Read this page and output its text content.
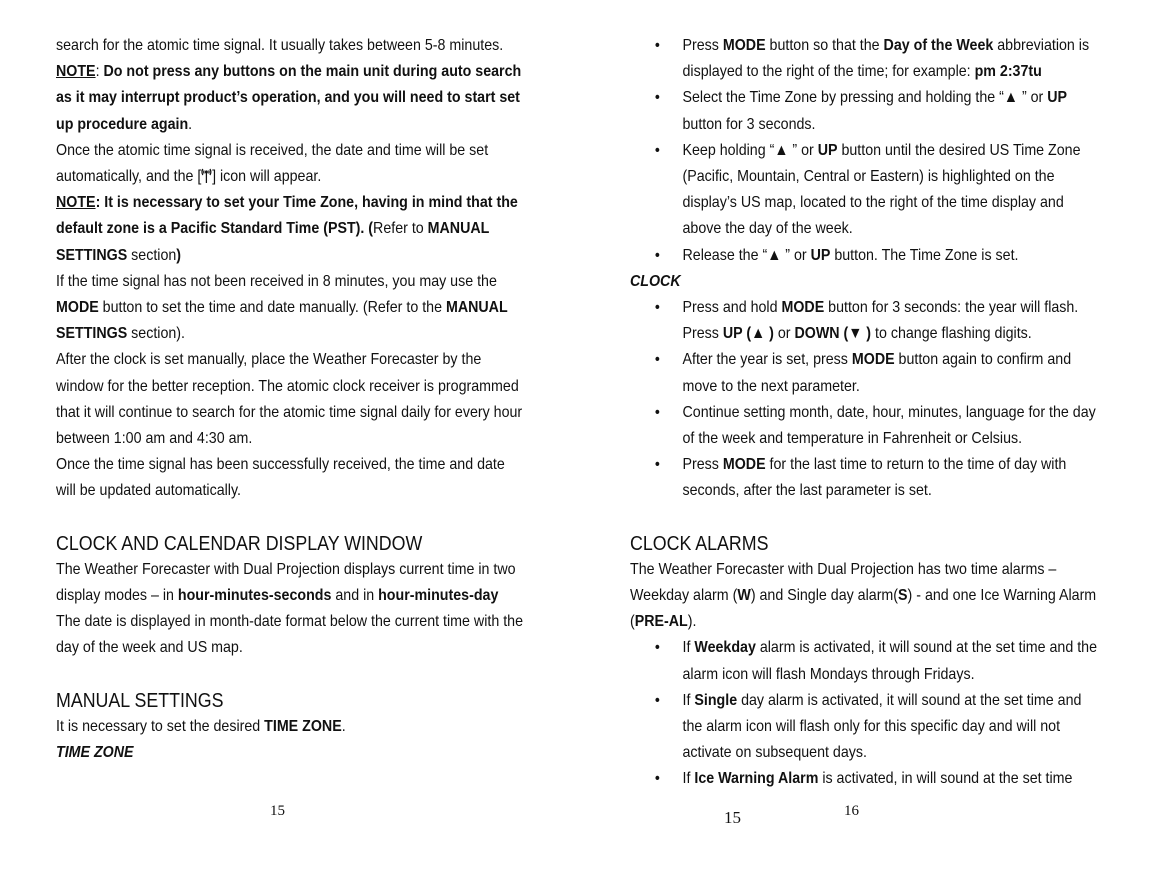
search for the atomic time signal. It usually takes between 5-8 minutes.

NOTE: Do not press any buttons on the main unit during auto search as it may interrupt product’s operation, and you will need to start set up procedure again.

Once the atomic time signal is received, the date and time will be set automatically, and the [ ] icon will appear.

NOTE: It is necessary to set your Time Zone, having in mind that the default zone is a Pacific Standard Time (PST). (Refer to MANUAL SETTINGS section)

If the time signal has not been received in 8 minutes, you may use the MODE button to set the time and date manually. (Refer to the MANUAL SETTINGS section).

After the clock is set manually, place the Weather Forecaster by the window for the better reception. The atomic clock receiver is programmed that it will continue to search for the atomic time signal daily for every hour between 1:00 am and 4:30 am.

Once the time signal has been successfully received, the time and date will be updated automatically.

CLOCK AND CALENDAR DISPLAY WINDOW

The Weather Forecaster with Dual Projection displays current time in two display modes – in hour-minutes-seconds and in hour-minutes-day

The date is displayed in month-date format below the current time with the day of the week and US map.

MANUAL SETTINGS

It is necessary to set the desired TIME ZONE.

TIME ZONE

• Press MODE button so that the Day of the Week abbreviation is displayed to the right of the time; for example: pm 2:37tu
• Select the Time Zone by pressing and holding the “▲ ” or UP button for 3 seconds.
• Keep holding “▲ ” or UP button until the desired US Time Zone (Pacific, Mountain, Central or Eastern) is highlighted on the display’s US map, located to the right of the time display and above the day of the week.
• Release the “▲ ” or UP button. The Time Zone is set.

CLOCK

• Press and hold MODE button for 3 seconds: the year will flash. Press UP (▲ ) or DOWN (▼ ) to change flashing digits.
• After the year is set, press MODE button again to confirm and move to the next parameter.
• Continue setting month, date, hour, minutes, language for the day of the week and temperature in Fahrenheit or Celsius.
• Press MODE for the last time to return to the time of day with seconds, after the last parameter is set.

CLOCK ALARMS

The Weather Forecaster with Dual Projection has two time alarms – Weekday alarm (W) and Single day alarm(S) - and one Ice Warning Alarm (PRE-AL).

• If Weekday alarm is activated, it will sound at the set time and the alarm icon will flash Mondays through Fridays.
• If Single day alarm is activated, it will sound at the set time and the alarm icon will flash only for this specific day and will not activate on subsequent days.
• If Ice Warning Alarm is activated, in will sound at the set time
15	15	16
